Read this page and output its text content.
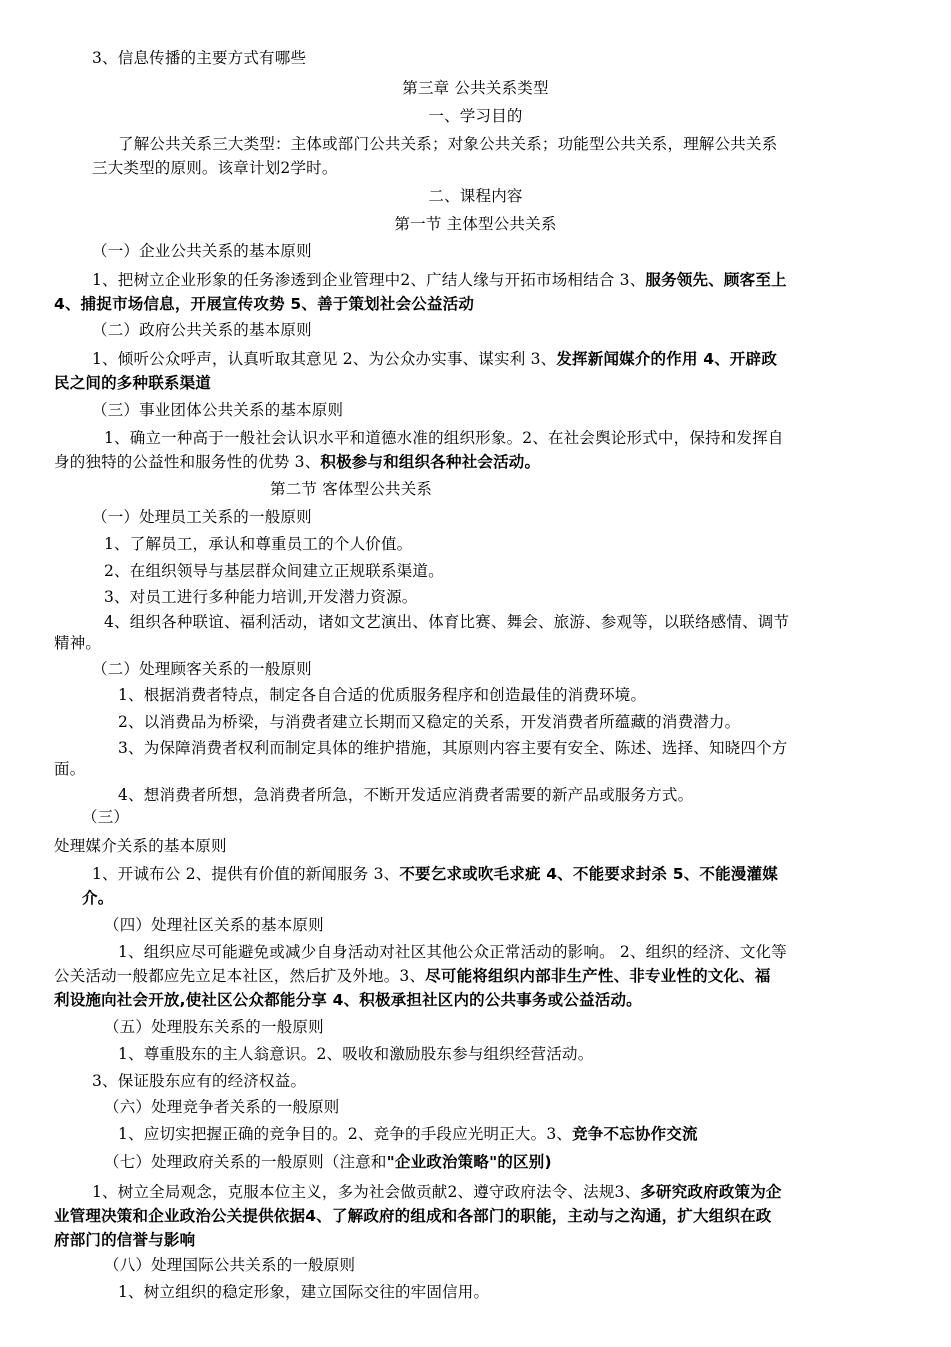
3、信息传播的主要方式有哪些

第三章 公共关系类型

一、学习目的

了解公共关系三大类型：主体或部门公共关系；对象公共关系；功能型公共关系，理解公共关系

三大类型的原则。该章计划2学时。

二、课程内容

第一节 主体型公共关系

（一）企业公共关系的基本原则

1、把树立企业形象的任务渗透到企业管理中2、广结人缘与开拓市场相结合 3、服务领先、顾客至上

4、捕捉市场信息，开展宣传攻势 5、善于策划社会公益活动

（二）政府公共关系的基本原则

1、倾听公众呼声，认真听取其意见 2、为公众办实事、谋实利 3、发挥新闻媒介的作用 4、开辟政

民之间的多种联系渠道

（三）事业团体公共关系的基本原则

1、确立一种高于一般社会认识水平和道德水准的组织形象。2、在社会舆论形式中，保持和发挥自

身的独特的公益性和服务性的优势 3、积极参与和组织各种社会活动。

第二节 客体型公共关系

（一）处理员工关系的一般原则

1、了解员工，承认和尊重员工的个人价值。

2、在组织领导与基层群众间建立正规联系渠道。

3、对员工进行多种能力培训,开发潜力资源。

4、组织各种联谊、福利活动，诸如文艺演出、体育比赛、舞会、旅游、参观等，以联络感情、调节

精神。

（二）处理顾客关系的一般原则

1、根据消费者特点，制定各自合适的优质服务程序和创造最佳的消费环境。

2、以消费品为桥梁，与消费者建立长期而又稳定的关系，开发消费者所蕴藏的消费潜力。

3、为保障消费者权利而制定具体的维护措施，其原则内容主要有安全、陈述、选择、知晓四个方

面。

4、想消费者所想，急消费者所急，不断开发适应消费者需要的新产品或服务方式。

（三）

处理媒介关系的基本原则

1、开诚布公 2、提供有价值的新闻服务 3、不要乞求或吹毛求疵 4、不能要求封杀 5、不能漫灌媒

介。

（四）处理社区关系的基本原则

1、组织应尽可能避免或减少自身活动对社区其他公众正常活动的影响。 2、组织的经济、文化等

公关活动一般都应先立足本社区，然后扩及外地。3、尽可能将组织内部非生产性、非专业性的文化、福

利设施向社会开放,使社区公众都能分享 4、积极承担社区内的公共事务或公益活动。

（五）处理股东关系的一般原则

1、尊重股东的主人翁意识。2、吸收和激励股东参与组织经营活动。

3、保证股东应有的经济权益。

（六）处理竞争者关系的一般原则

1、应切实把握正确的竞争目的。2、竞争的手段应光明正大。3、竞争不忘协作交流

（七）处理政府关系的一般原则（注意和"企业政治策略"的区别)

1、树立全局观念，克服本位主义，多为社会做贡献2、遵守政府法令、法规3、多研究政府政策为企

业管理决策和企业政治公关提供依据4、了解政府的组成和各部门的职能，主动与之沟通，扩大组织在政

府部门的信誉与影响

（八）处理国际公共关系的一般原则

1、树立组织的稳定形象，建立国际交往的牢固信用。
